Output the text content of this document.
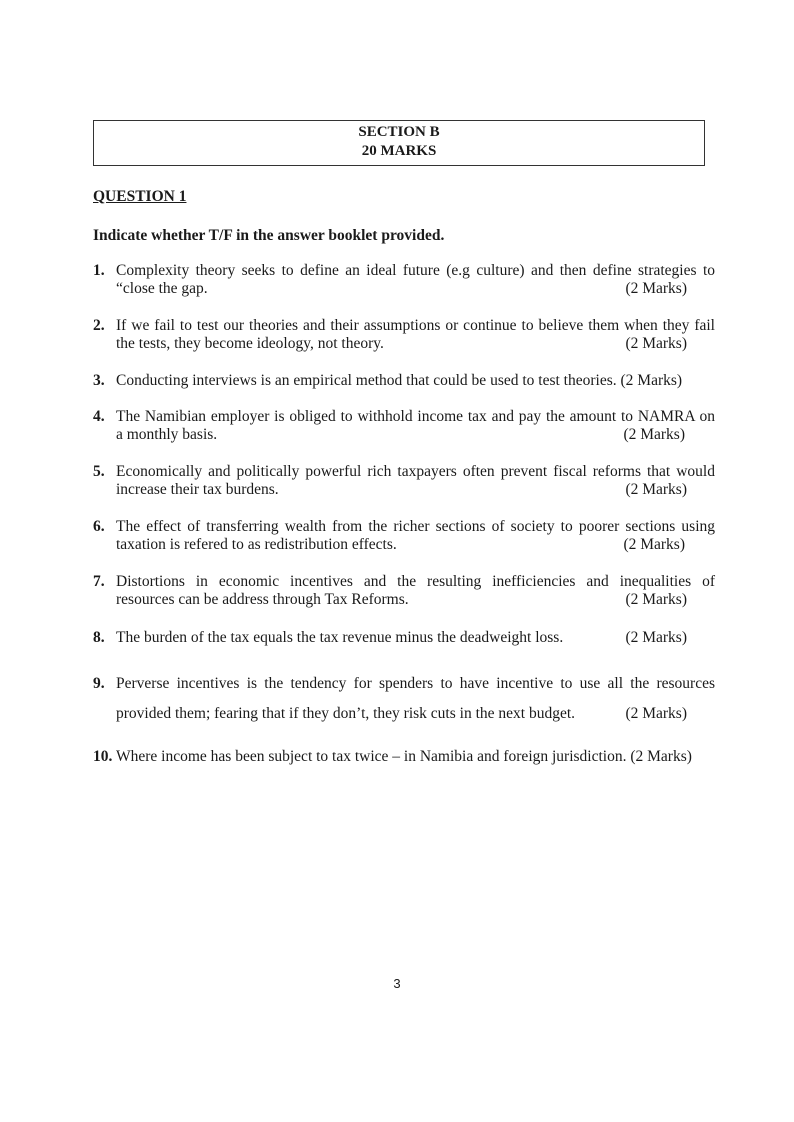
SECTION B
20 MARKS
QUESTION 1

Indicate whether T/F in the answer booklet provided.

1. Complexity theory seeks to define an ideal future (e.g culture) and then define strategies to
“close the gap.	(2 Marks)
2. If we fail to test our theories and their assumptions or continue to believe them when they fail
the tests, they become ideology, not theory.	(2 Marks)
3. Conducting interviews is an empirical method that could be used to test theories. (2 Marks)
4. The Namibian employer is obliged to withhold income tax and pay the amount to NAMRA on
a monthly basis.	(2 Marks)
5. Economically and politically powerful rich taxpayers often prevent fiscal reforms that would
increase their tax burdens.	(2 Marks)
6. The effect of transferring wealth from the richer sections of society to poorer sections using
taxation is refered to as redistribution effects.	(2 Marks)
7. Distortions in economic incentives and the resulting inefficiencies and inequalities of
resources can be address through Tax Reforms.	(2 Marks)
8. The burden of the tax equals the tax revenue minus the deadweight loss.	(2 Marks)
9. Perverse incentives is the tendency for spenders to have incentive to use all the resources
provided them; fearing that if they don’t, they risk cuts in the next budget.	(2 Marks)
10. Where income has been subject to tax twice – in Namibia and foreign jurisdiction. (2 Marks)
3
